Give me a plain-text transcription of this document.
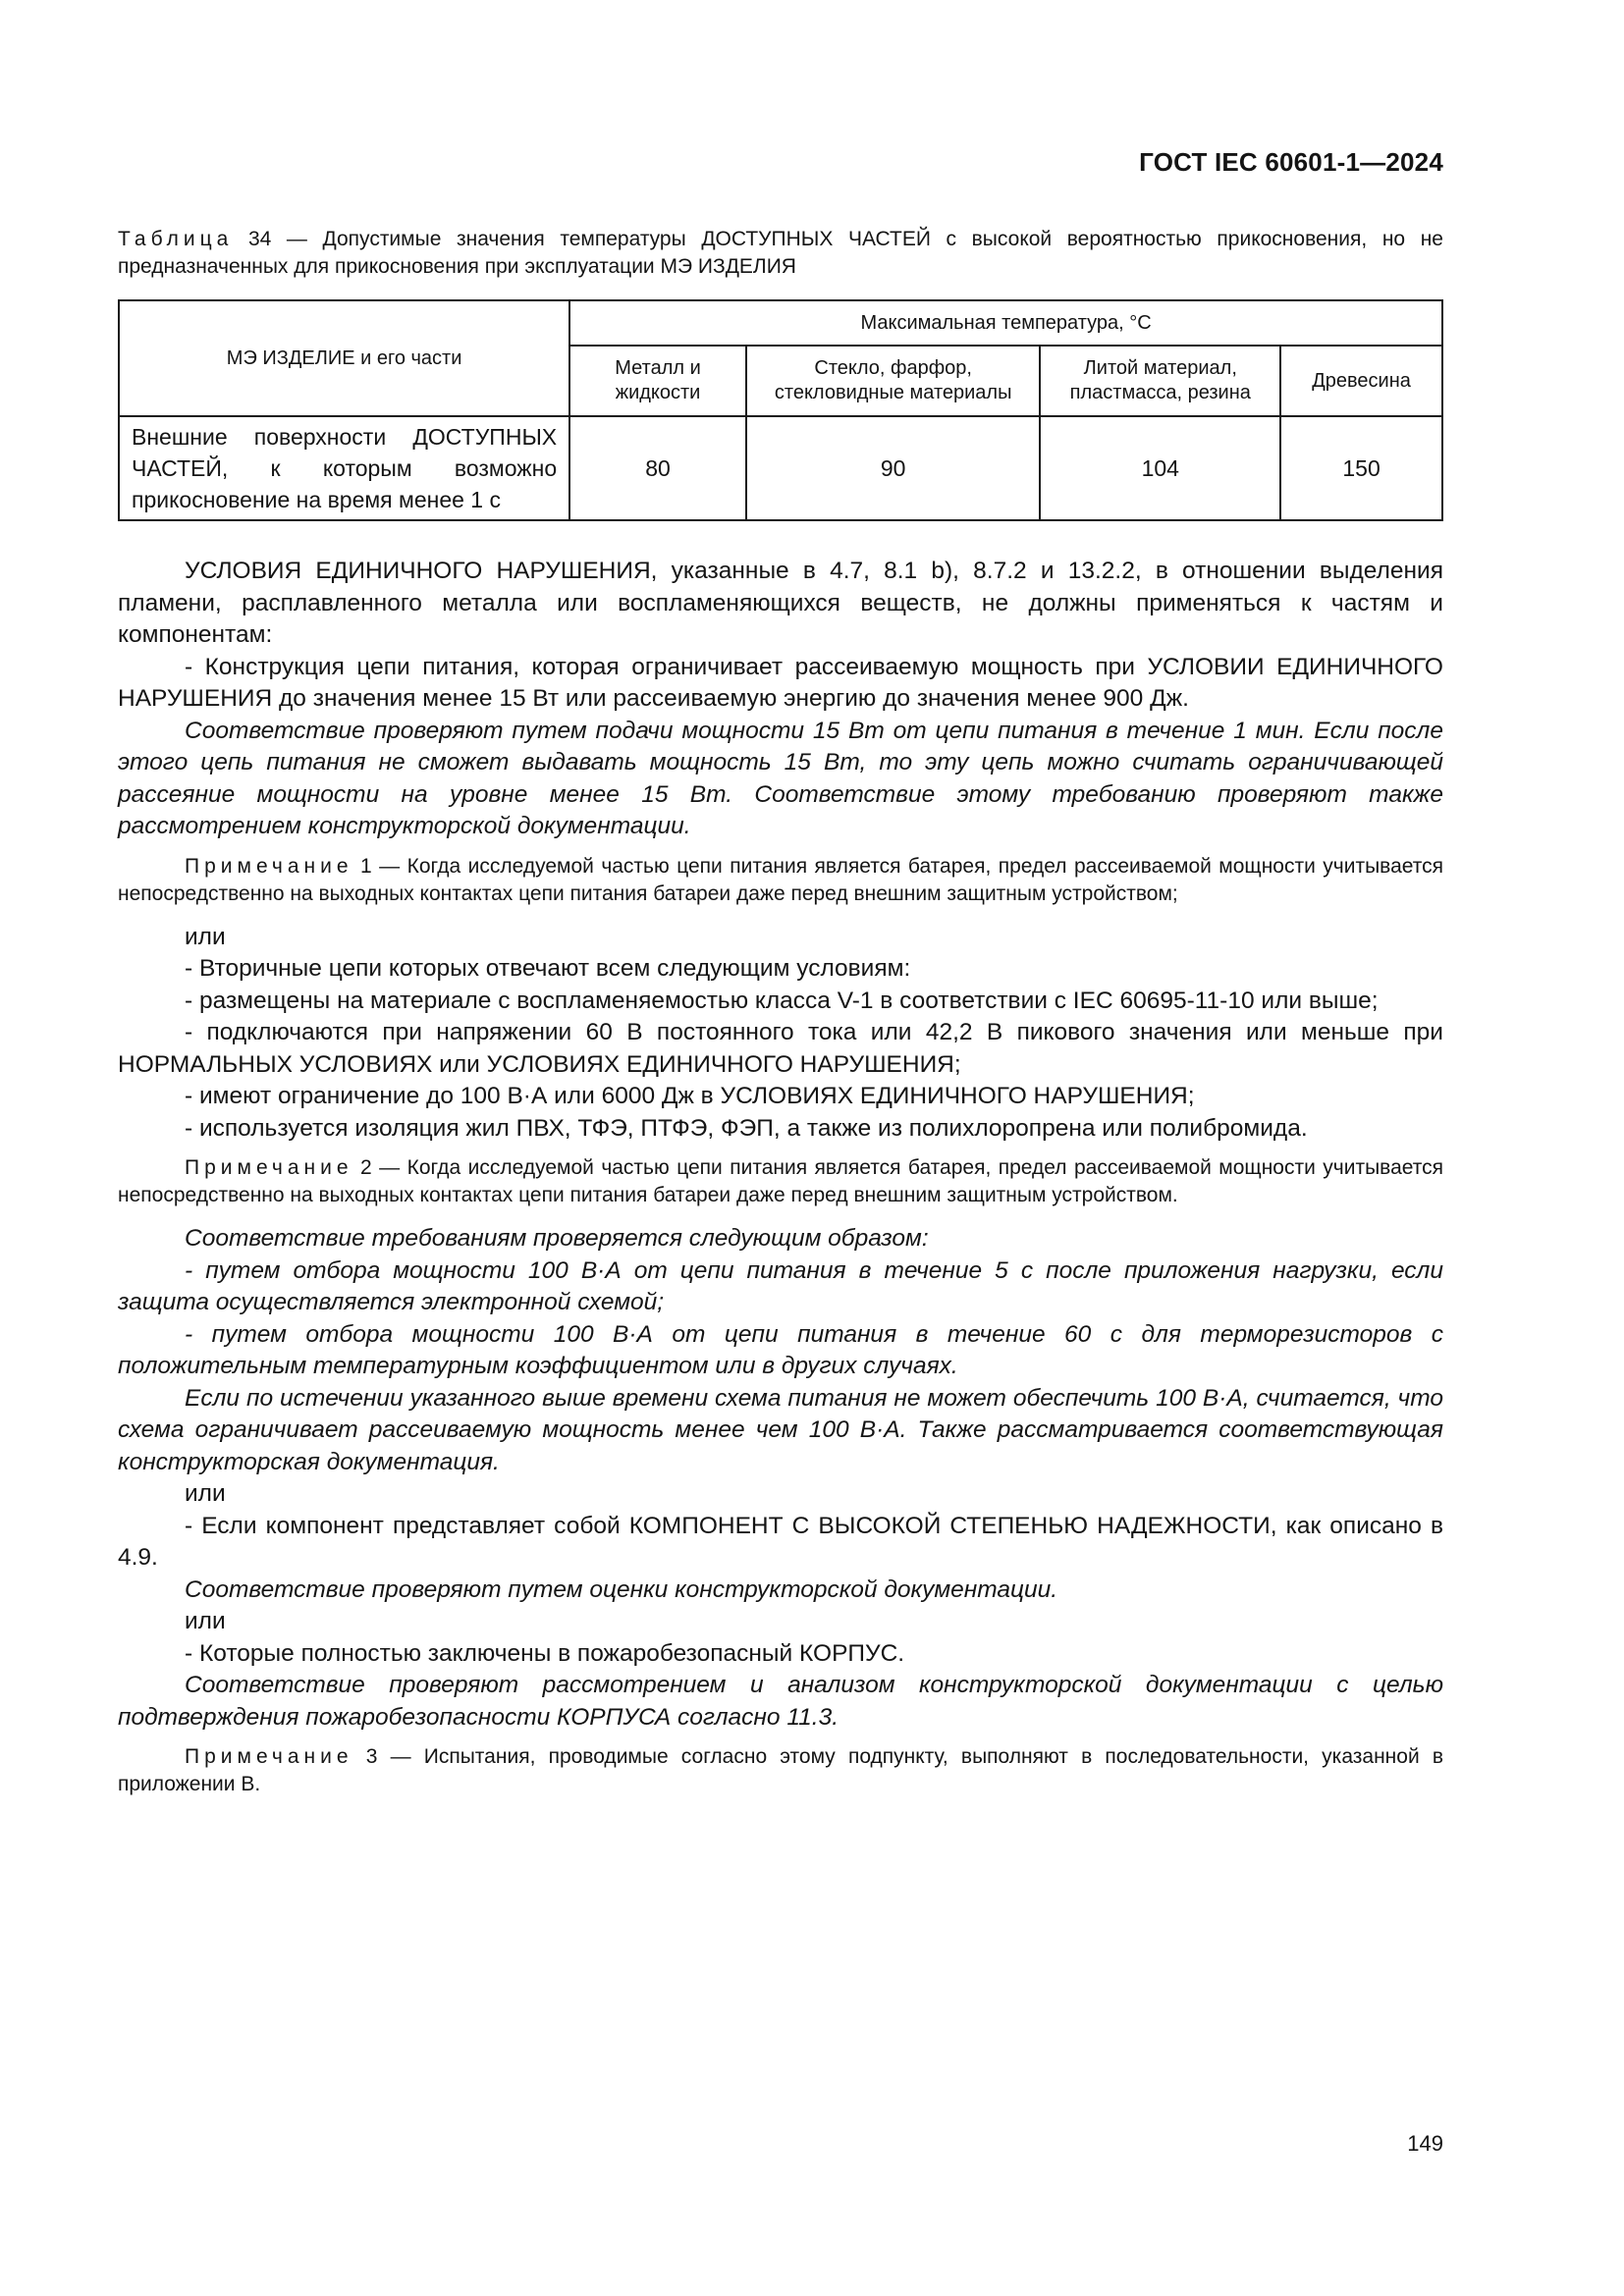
ГОСТ IEC 60601-1—2024
Таблица 34 — Допустимые значения температуры ДОСТУПНЫХ ЧАСТЕЙ с высокой вероятностью прикосновения, но не предназначенных для прикосновения при эксплуатации МЭ ИЗДЕЛИЯ
МЭ ИЗДЕЛИЕ и его части	Максимальная температура, °С			
	Металл и жидкости	Стекло, фарфор, стекловидные материалы	Литой материал, пластмасса, резина	Древесина
Внешние поверхности ДОСТУПНЫХ ЧАСТЕЙ, к которым возможно прикосновение на время менее 1 с	80	90	104	150

УСЛОВИЯ ЕДИНИЧНОГО НАРУШЕНИЯ, указанные в 4.7, 8.1 b), 8.7.2 и 13.2.2, в отношении выделения пламени, расплавленного металла или воспламеняющихся веществ, не должны применяться к частям и компонентам:

- Конструкция цепи питания, которая ограничивает рассеиваемую мощность при УСЛОВИИ ЕДИНИЧНОГО НАРУШЕНИЯ до значения менее 15 Вт или рассеиваемую энергию до значения менее 900 Дж.

Соответствие проверяют путем подачи мощности 15 Вт от цепи питания в течение 1 мин. Если после этого цепь питания не сможет выдавать мощность 15 Вт, то эту цепь можно считать ограничивающей рассеяние мощности на уровне менее 15 Вт. Соответствие этому требованию проверяют также рассмотрением конструкторской документации.

Примечание 1 — Когда исследуемой частью цепи питания является батарея, предел рассеиваемой мощности учитывается непосредственно на выходных контактах цепи питания батареи даже перед внешним защитным устройством;

или

- Вторичные цепи которых отвечают всем следующим условиям:

- размещены на материале с воспламеняемостью класса V-1 в соответствии с IEC 60695-11-10 или выше;

- подключаются при напряжении 60 В постоянного тока или 42,2 В пикового значения или меньше при НОРМАЛЬНЫХ УСЛОВИЯХ или УСЛОВИЯХ ЕДИНИЧНОГО НАРУШЕНИЯ;

- имеют ограничение до 100 В·А или 6000 Дж в УСЛОВИЯХ ЕДИНИЧНОГО НАРУШЕНИЯ;

- используется изоляция жил ПВХ, ТФЭ, ПТФЭ, ФЭП, а также из полихлоропрена или полибромида.

Примечание 2 — Когда исследуемой частью цепи питания является батарея, предел рассеиваемой мощности учитывается непосредственно на выходных контактах цепи питания батареи даже перед внешним защитным устройством.

Соответствие требованиям проверяется следующим образом:

- путем отбора мощности 100 В·А от цепи питания в течение 5 с после приложения нагрузки, если защита осуществляется электронной схемой;

- путем отбора мощности 100 В·А от цепи питания в течение 60 с для терморезисторов с положительным температурным коэффициентом или в других случаях.

Если по истечении указанного выше времени схема питания не может обеспечить 100 В·А, считается, что схема ограничивает рассеиваемую мощность менее чем 100 В·А. Также рассматривается соответствующая конструкторская документация.

или

- Если компонент представляет собой КОМПОНЕНТ С ВЫСОКОЙ СТЕПЕНЬЮ НАДЕЖНОСТИ, как описано в 4.9.

Соответствие проверяют путем оценки конструкторской документации.

или

- Которые полностью заключены в пожаробезопасный КОРПУС.

Соответствие проверяют рассмотрением и анализом конструкторской документации с целью подтверждения пожаробезопасности КОРПУСА согласно 11.3.

Примечание 3 — Испытания, проводимые согласно этому подпункту, выполняют в последовательности, указанной в приложении В.
149
